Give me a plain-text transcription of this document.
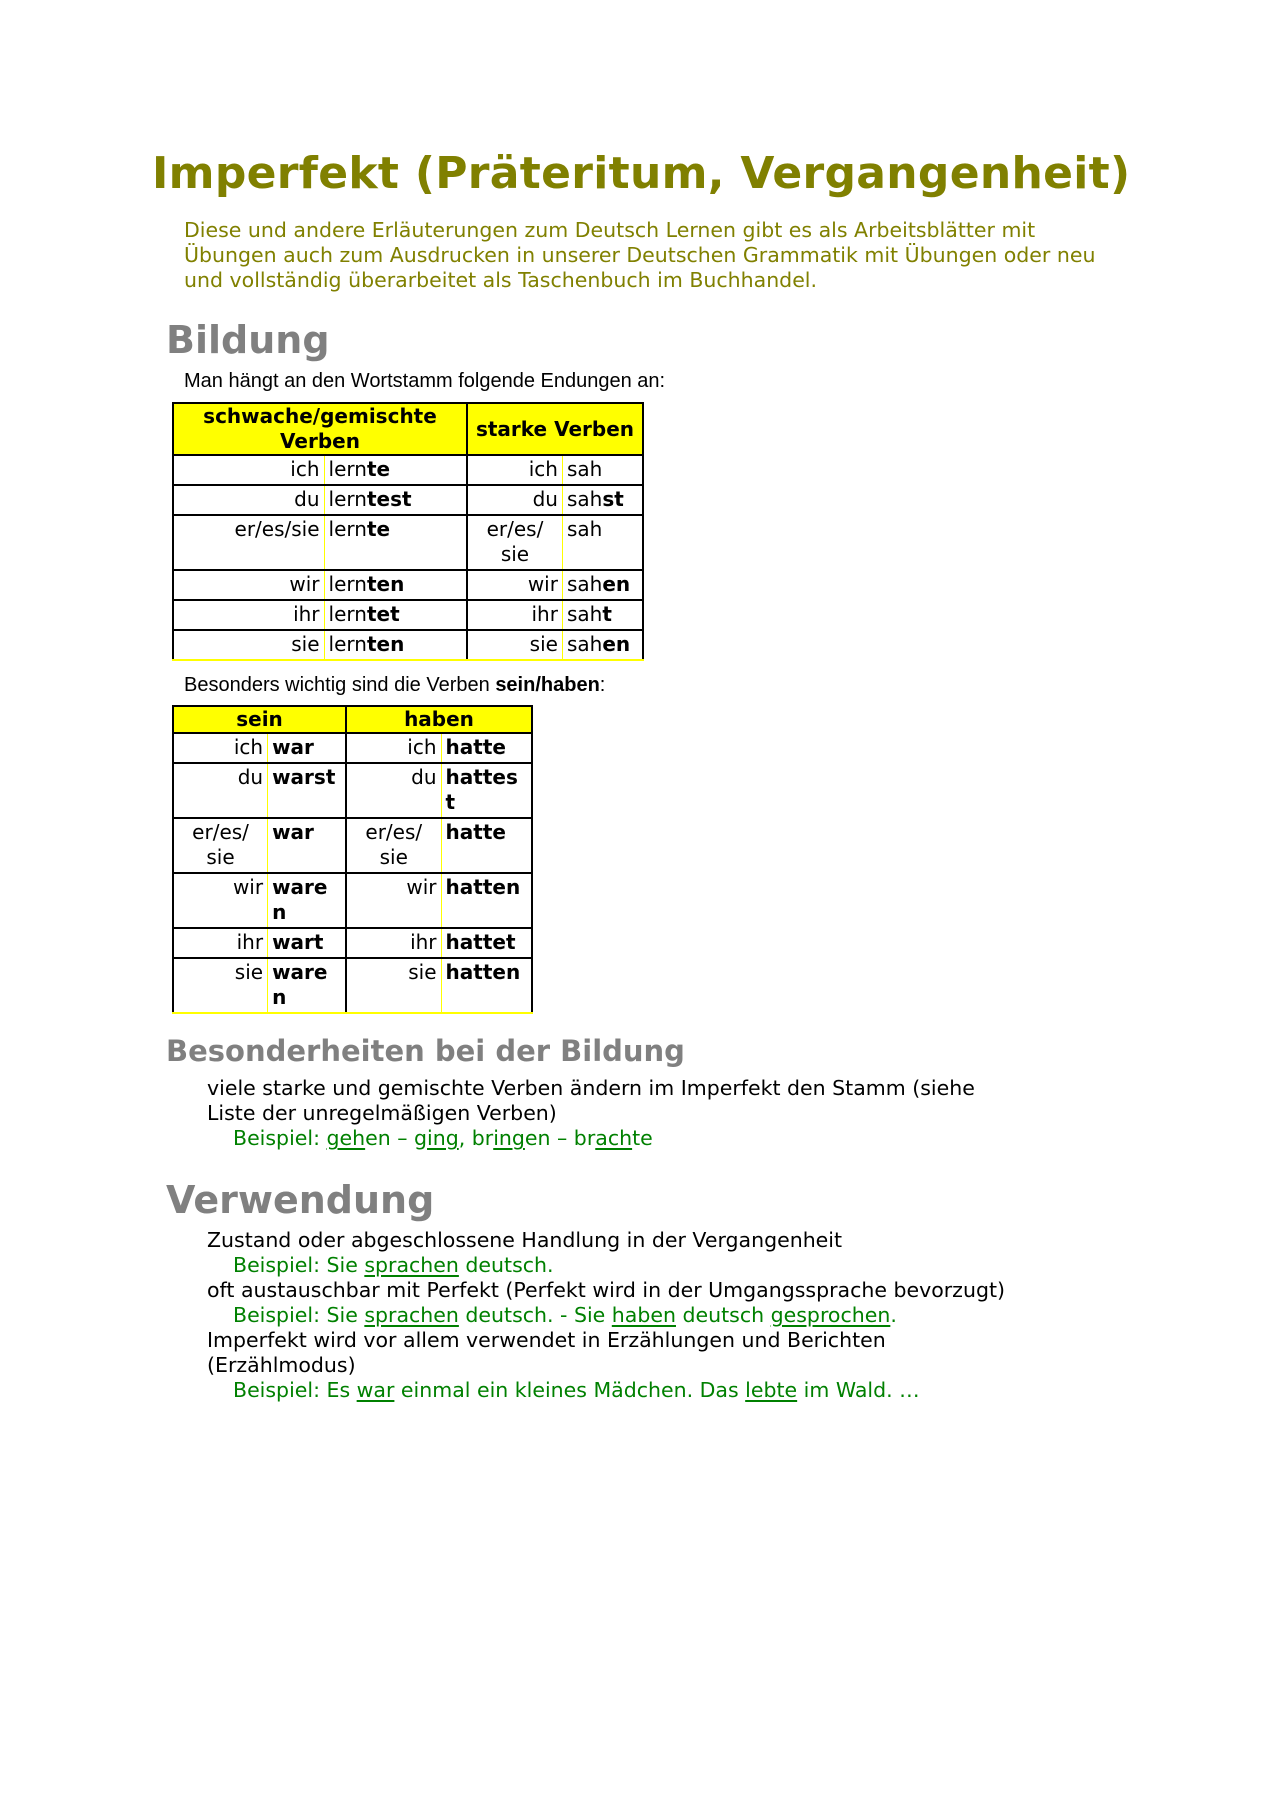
Imperfekt (Präteritum, Vergangenheit)

Diese und andere Erläuterungen zum Deutsch Lernen gibt es als Arbeitsblätter mit Übungen auch zum Ausdrucken in unserer Deutschen Grammatik mit Übungen oder neu und vollständig überarbeitet als Taschenbuch im Buchhandel.

Bildung

Man hängt an den Wortstamm folgende Endungen an:

schwache/gemischte Verben		starke Verben	
ich	lernte	ich	sah
du	lerntest	du	sahst
er/es/sie	lernte	er/es/ sie	sah
wir	lernten	wir	sahen
ihr	lerntet	ihr	saht
sie	lernten	sie	sahen

Besonders wichtig sind die Verben sein/haben:

sein		haben	
ich	war	ich	hatte
du	warst	du	hattest
er/es/ sie	war	er/es/ sie	hatte
wir	waren	wir	hatten
ihr	wart	ihr	hattet
sie	waren	sie	hatten
Besonderheiten bei der Bildung

viele starke und gemischte Verben ändern im Imperfekt den Stamm (siehe

Liste der unregelmäßigen Verben)

Beispiel: gehen – ging, bringen – brachte

Verwendung

Zustand oder abgeschlossene Handlung in der Vergangenheit

Beispiel: Sie sprachen deutsch.

oft austauschbar mit Perfekt (Perfekt wird in der Umgangssprache bevorzugt)

Beispiel: Sie sprachen deutsch. - Sie haben deutsch gesprochen.

Imperfekt wird vor allem verwendet in Erzählungen und Berichten

(Erzählmodus)

Beispiel: Es war einmal ein kleines Mädchen. Das lebte im Wald. …
